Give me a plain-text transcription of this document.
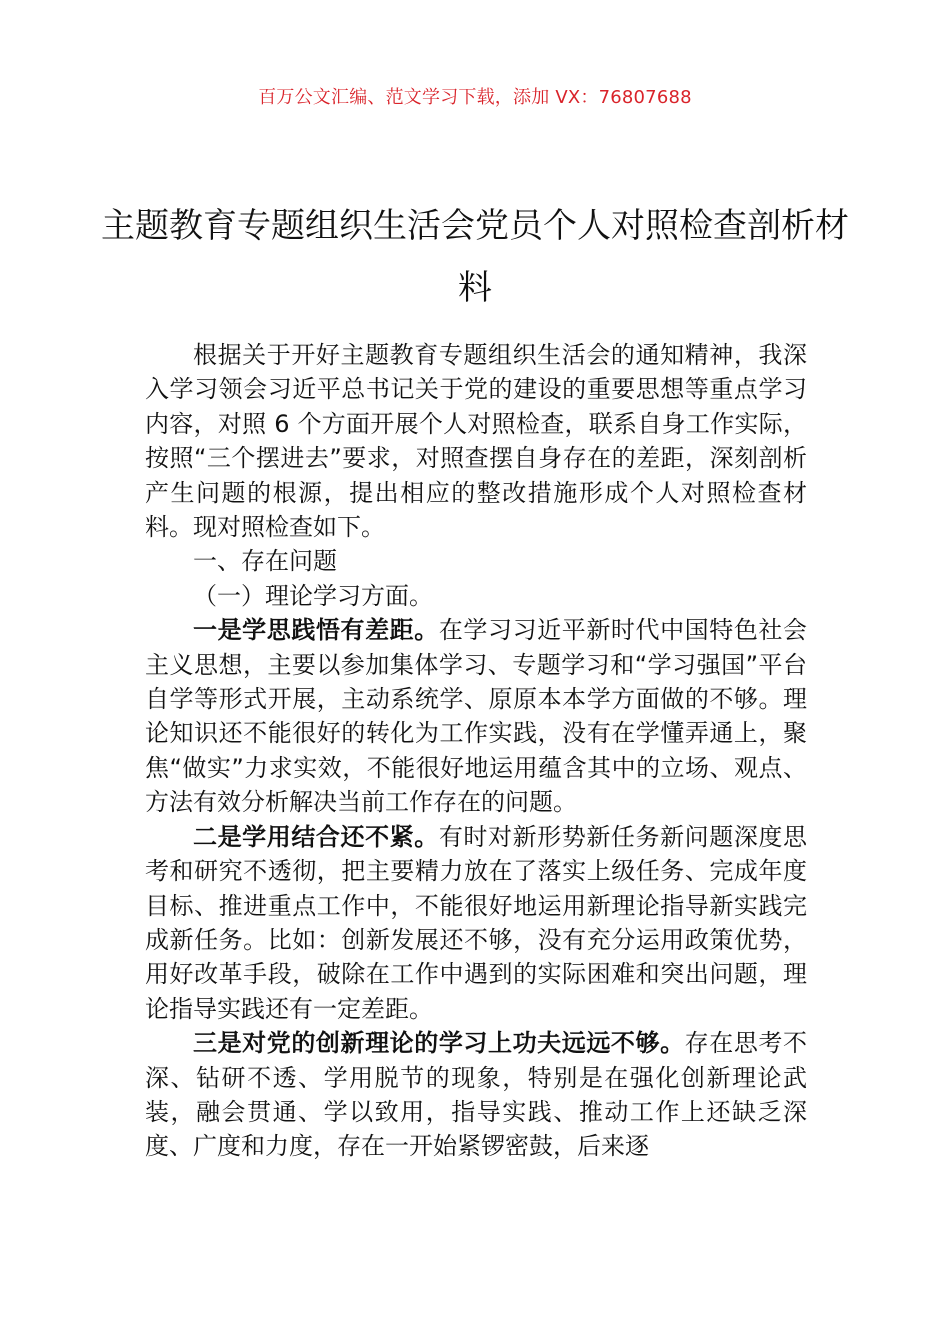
百万公文汇编、范文学习下载，添加 VX：76807688
主题教育专题组织生活会党员个人对照检查剖析材料

根据关于开好主题教育专题组织生活会的通知精神，我深入学习领会习近平总书记关于党的建设的重要思想等重点学习内容，对照 6 个方面开展个人对照检查，联系自身工作实际，按照“三个摆进去”要求，对照查摆自身存在的差距，深刻剖析产生问题的根源，提出相应的整改措施形成个人对照检查材料。现对照检查如下。

一、存在问题

（一）理论学习方面。

一是学思践悟有差距。在学习习近平新时代中国特色社会主义思想，主要以参加集体学习、专题学习和“学习强国”平台自学等形式开展，主动系统学、原原本本学方面做的不够。理论知识还不能很好的转化为工作实践，没有在学懂弄通上，聚焦“做实”力求实效，不能很好地运用蕴含其中的立场、观点、方法有效分析解决当前工作存在的问题。

二是学用结合还不紧。有时对新形势新任务新问题深度思考和研究不透彻，把主要精力放在了落实上级任务、完成年度目标、推进重点工作中，不能很好地运用新理论指导新实践完成新任务。比如：创新发展还不够，没有充分运用政策优势，用好改革手段，破除在工作中遇到的实际困难和突出问题，理论指导实践还有一定差距。

三是对党的创新理论的学习上功夫远远不够。存在思考不深、钻研不透、学用脱节的现象，特别是在强化创新理论武装，融会贯通、学以致用，指导实践、推动工作上还缺乏深度、广度和力度，存在一开始紧锣密鼓，后来逐
